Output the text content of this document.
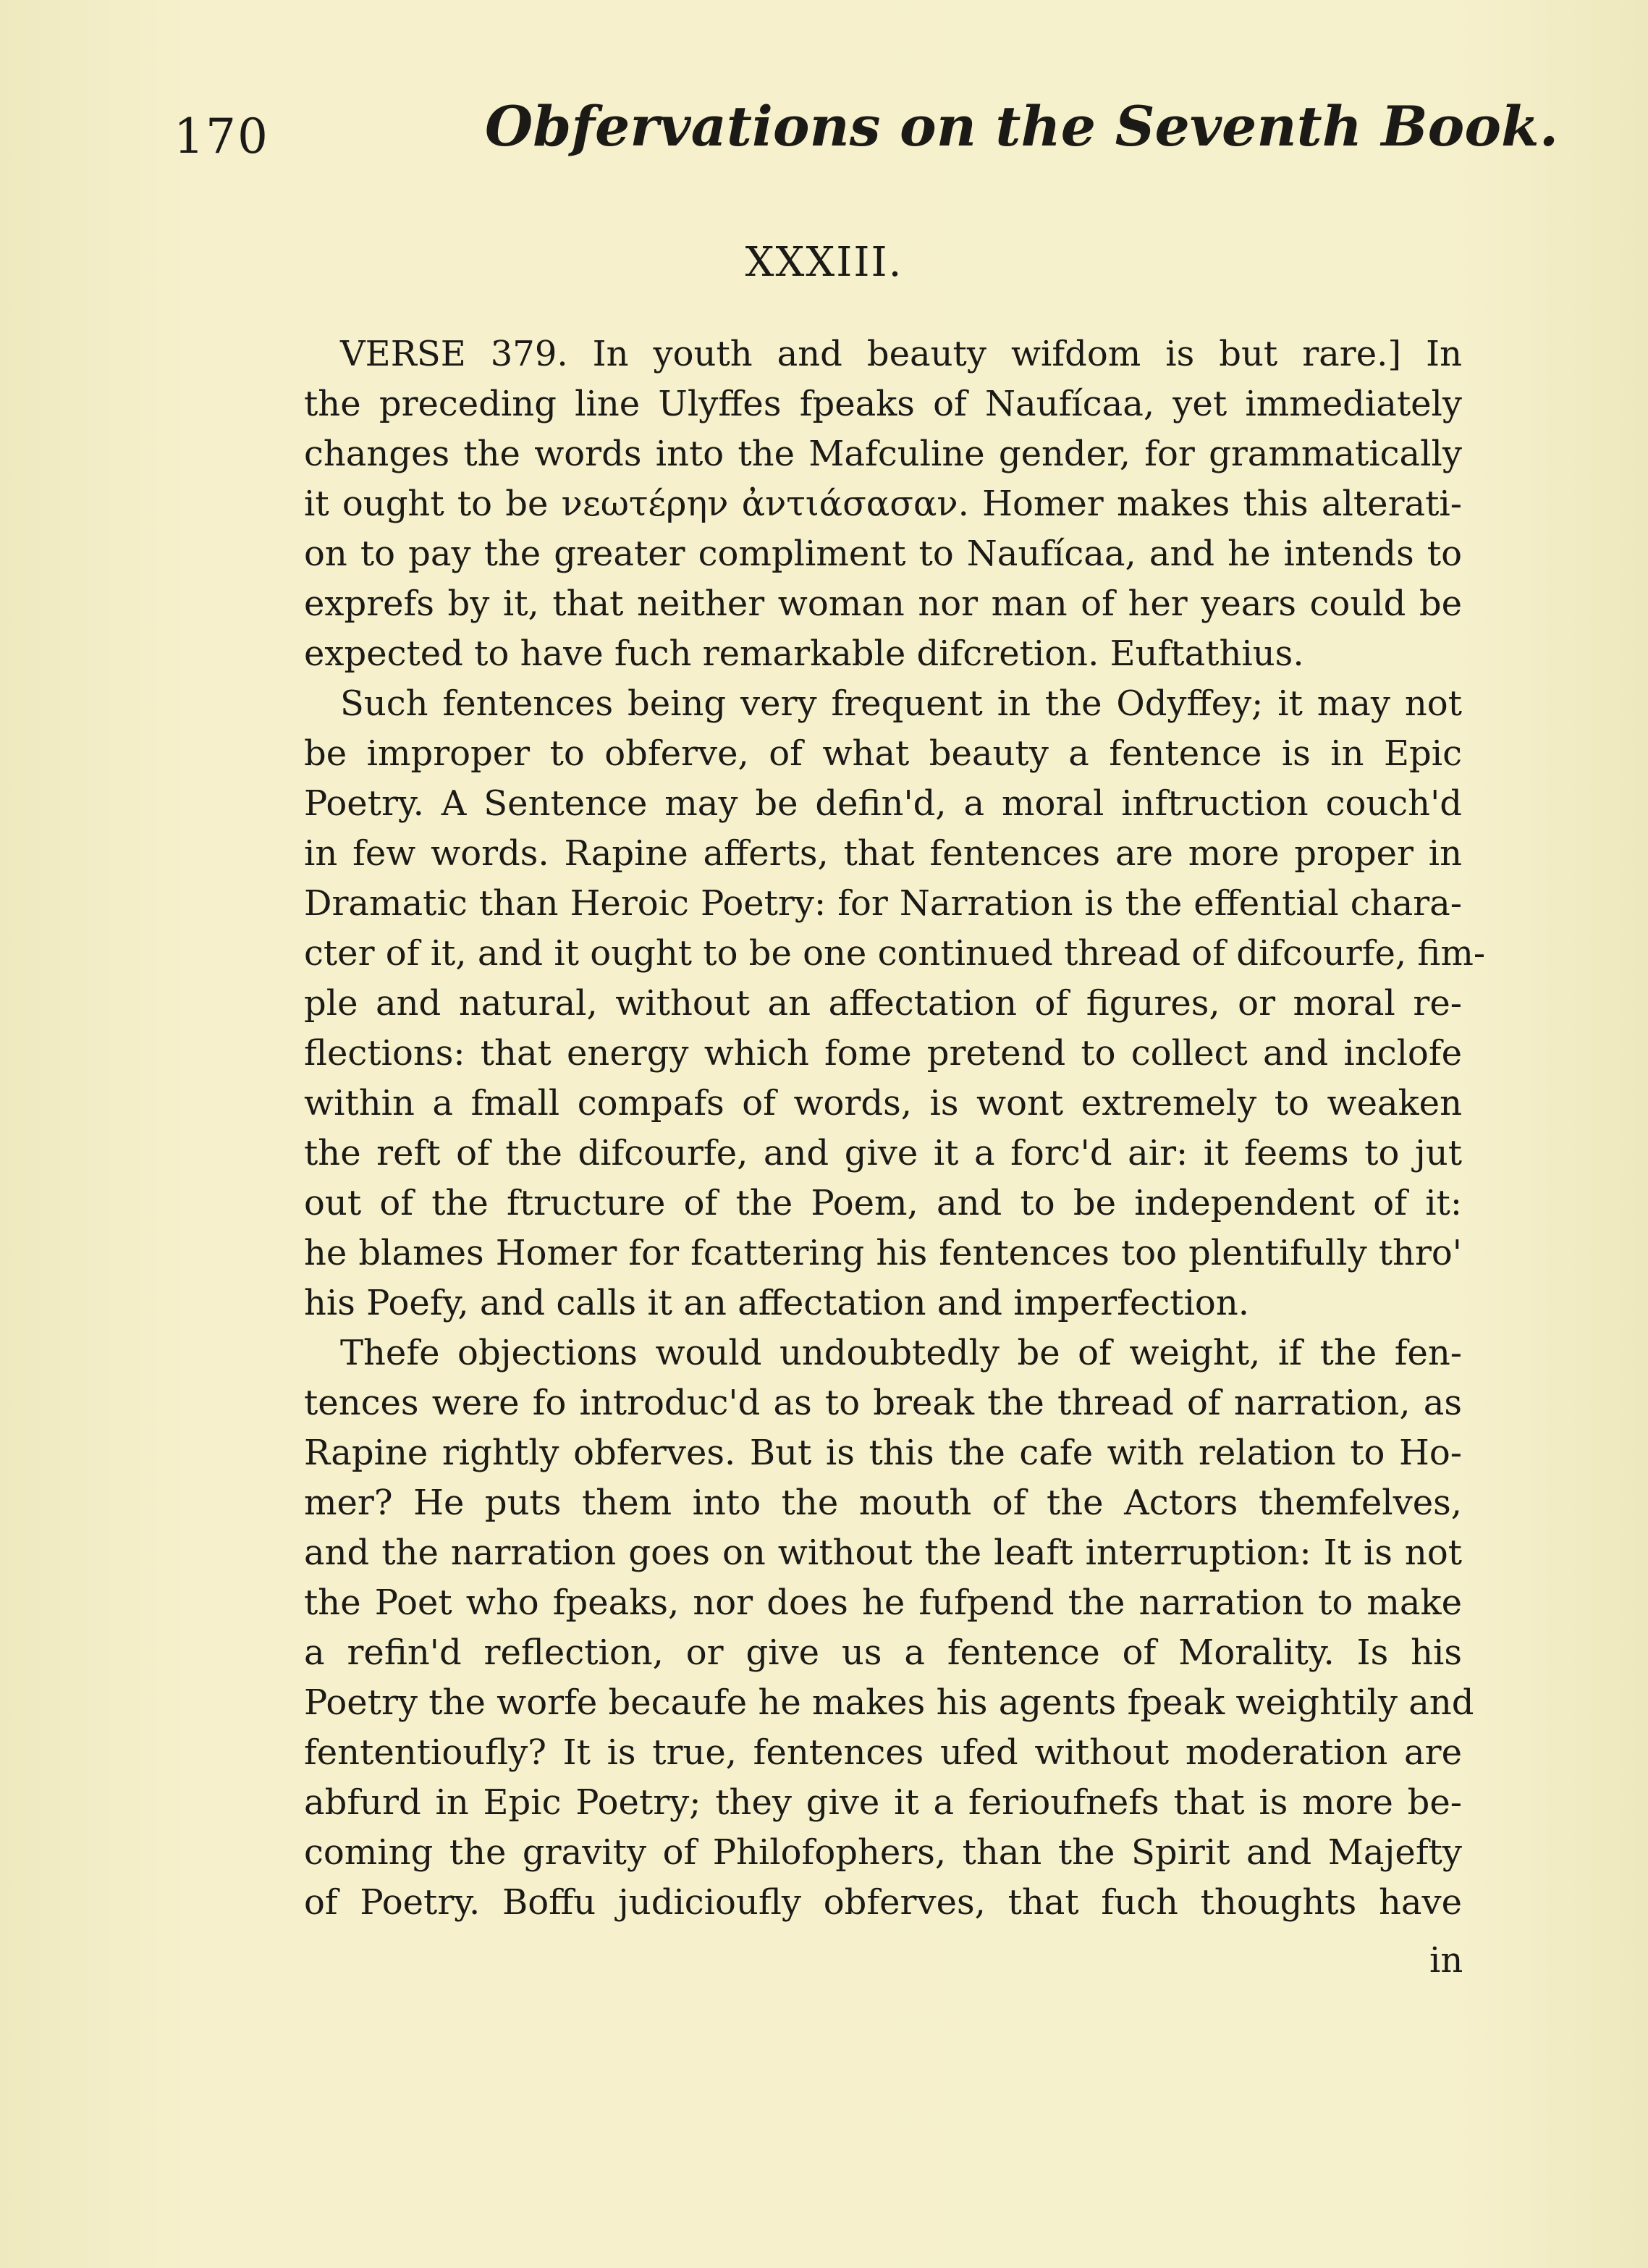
170	Obfervations on the Seventh Book.
XXXIII.
VERSE 379. In youth and beauty wifdom is but rare.] In
the preceding line Ulyffes fpeaks of Naufícaa, yet immediately
changes the words into the Mafculine gender, for grammatically
it ought to be νεωτέρην ἀντιάσασαν. Homer makes this alterati-
on to pay the greater compliment to Naufícaa, and he intends to
exprefs by it, that neither woman nor man of her years could be
expected to have fuch remarkable difcretion. Euftathius.
Such fentences being very frequent in the Odyffey; it may not
be improper to obferve, of what beauty a fentence is in Epic
Poetry. A Sentence may be defin'd, a moral inftruction couch'd
in few words. Rapine afferts, that fentences are more proper in
Dramatic than Heroic Poetry: for Narration is the effential chara-
cter of it, and it ought to be one continued thread of difcourfe, fim-
ple and natural, without an affectation of figures, or moral re-
flections: that energy which fome pretend to collect and inclofe
within a fmall compafs of words, is wont extremely to weaken
the reft of the difcourfe, and give it a forc'd air: it feems to jut
out of the ftructure of the Poem, and to be independent of it:
he blames Homer for fcattering his fentences too plentifully thro'
his Poefy, and calls it an affectation and imperfection.
Thefe objections would undoubtedly be of weight, if the fen-
tences were fo introduc'd as to break the thread of narration, as
Rapine rightly obferves. But is this the cafe with relation to Ho-
mer? He puts them into the mouth of the Actors themfelves,
and the narration goes on without the leaft interruption: It is not
the Poet who fpeaks, nor does he fufpend the narration to make
a refin'd reflection, or give us a fentence of Morality. Is his
Poetry the worfe becaufe he makes his agents fpeak weightily and
fententioufly? It is true, fentences ufed without moderation are
abfurd in Epic Poetry; they give it a ferioufnefs that is more be-
coming the gravity of Philofophers, than the Spirit and Majefty
of Poetry. Boffu judicioufly obferves, that fuch thoughts have
in
